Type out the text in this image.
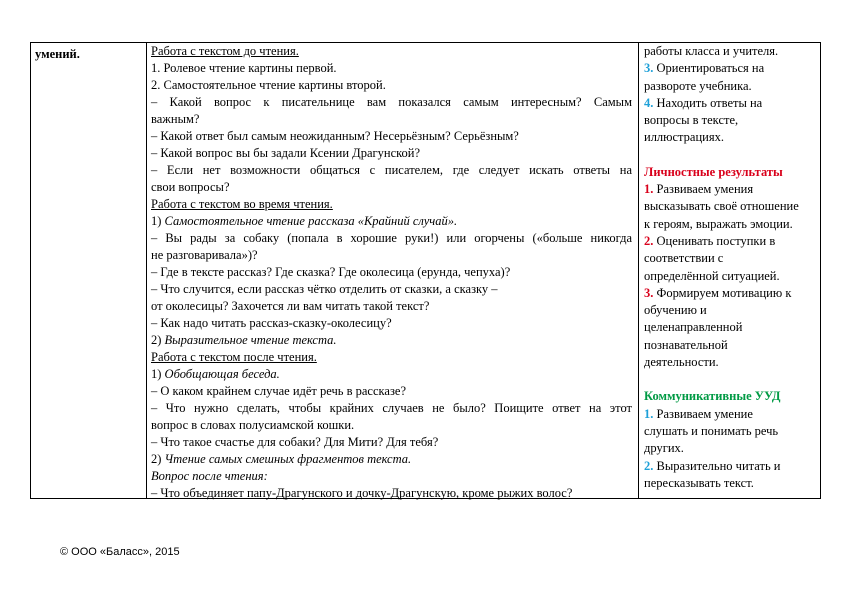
умений.	Работа с текстом до чтения.
1. Ролевое чтение картины первой.
2. Самостоятельное чтение картины второй.
– Какой вопрос к писательнице вам показался самым интересным? Самым
важным?
– Какой ответ был самым неожиданным? Несерьёзным? Серьёзным?
– Какой вопрос вы бы задали Ксении Драгунской?
– Если нет возможности общаться с писателем, где следует искать ответы на
свои вопросы?
Работа с текстом во время чтения.
1) Самостоятельное чтение рассказа «Крайний случай».
– Вы рады за собаку (попала в хорошие руки!) или огорчены («больше никогда
не разговаривала»)?
– Где в тексте рассказ? Где сказка? Где околесица (ерунда, чепуха)?
– Что случится, если рассказ чётко отделить от сказки, а сказку –
от околесицы? Захочется ли вам читать такой текст?
– Как надо читать рассказ-сказку-околесицу?
2) Выразительное чтение текста.
Работа с текстом после чтения.
1) Обобщающая беседа.
– О каком крайнем случае идёт речь в рассказе?
– Что нужно сделать, чтобы крайних случаев не было? Поищите ответ на этот
вопрос в словах полусиамской кошки.
– Что такое счастье для собаки? Для Мити? Для тебя?
2) Чтение самых смешных фрагментов текста.
Вопрос после чтения:
– Что объединяет папу-Драгунского и дочку-Драгунскую, кроме рыжих волос?
работы класса и учителя.
3. Ориентироваться на
развороте учебника.
4. Находить ответы на
вопросы в тексте,
иллюстрациях.
Личностные результаты
1. Развиваем умения
высказывать своё отношение
к героям, выражать эмоции.
2. Оценивать поступки в
соответствии с
определённой ситуацией.
3. Формируем мотивацию к
обучению и
целенаправленной
познавательной
деятельности.
Коммуникативные УУД
1. Развиваем умение
слушать и понимать речь
других.
2. Выразительно читать и
пересказывать текст.
© ООО «Баласс», 2015
